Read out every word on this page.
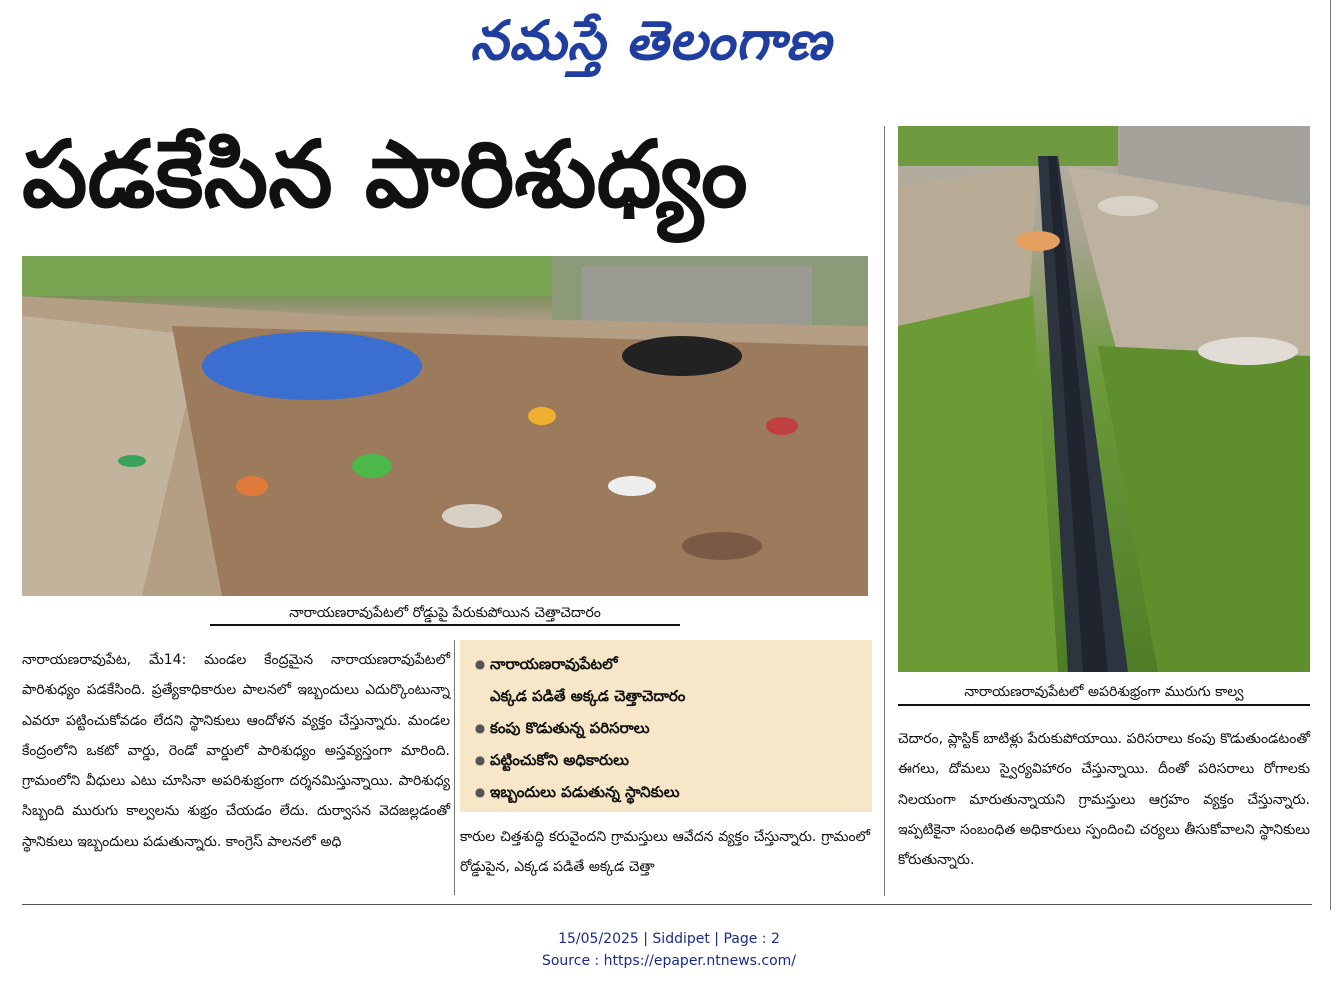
నమస్తే తెలంగాణ
పడకేసిన పారిశుధ్యం
నారాయణరావుపేటలో రోడ్డుపై పేరుకుపోయిన చెత్తాచెదారం
నారాయణరావుపేటలో అపరిశుభ్రంగా మురుగు కాల్వ
నారాయణరావుపేట, మే14: మండల కేంద్రమైన నారాయణరావుపేటలో పారిశుధ్యం పడకేసింది. ప్రత్యేకాధికారుల పాలనలో ఇబ్బందులు ఎదుర్కొంటున్నా ఎవరూ పట్టించుకోవడం లేదని స్థానికులు ఆందోళన వ్యక్తం చేస్తున్నారు. మండల కేంద్రంలోని ఒకటో వార్డు, రెండో వార్డులో పారిశుధ్యం అస్తవ్యస్తంగా మారింది. గ్రామంలోని వీధులు ఎటు చూసినా అపరిశుభ్రంగా దర్శనమిస్తున్నాయి. పారిశుధ్య సిబ్బంది మురుగు కాల్వలను శుభ్రం చేయడం లేదు. దుర్వాసన వెదజల్లడంతో స్థానికులు ఇబ్బందులు పడుతున్నారు. కాంగ్రెస్ పాలనలో అధి
● నారాయణరావుపేటలో
ఎక్కడ పడితే అక్కడ చెత్తాచెదారం
● కంపు కొడుతున్న పరిసరాలు
● పట్టించుకోని అధికారులు
● ఇబ్బందులు పడుతున్న స్థానికులు
కారుల చిత్తశుద్ధి కరువైందని గ్రామస్తులు ఆవేదన వ్యక్తం చేస్తున్నారు. గ్రామంలో రోడ్డుపైన, ఎక్కడ పడితే అక్కడ చెత్తా
చెదారం, ప్లాస్టిక్ బాటిళ్లు పేరుకుపోయాయి. పరిసరాలు కంపు కొడుతుండటంతో ఈగలు, దోమలు స్వైర్యవిహారం చేస్తున్నాయి. దీంతో పరిసరాలు రోగాలకు నిలయంగా మారుతున్నాయని గ్రామస్తులు ఆగ్రహం వ్యక్తం చేస్తున్నారు. ఇప్పటికైనా సంబంధిత అధికారులు స్పందించి చర్యలు తీసుకోవాలని స్థానికులు కోరుతున్నారు.
15/05/2025 | Siddipet | Page : 2
Source : https://epaper.ntnews.com/
